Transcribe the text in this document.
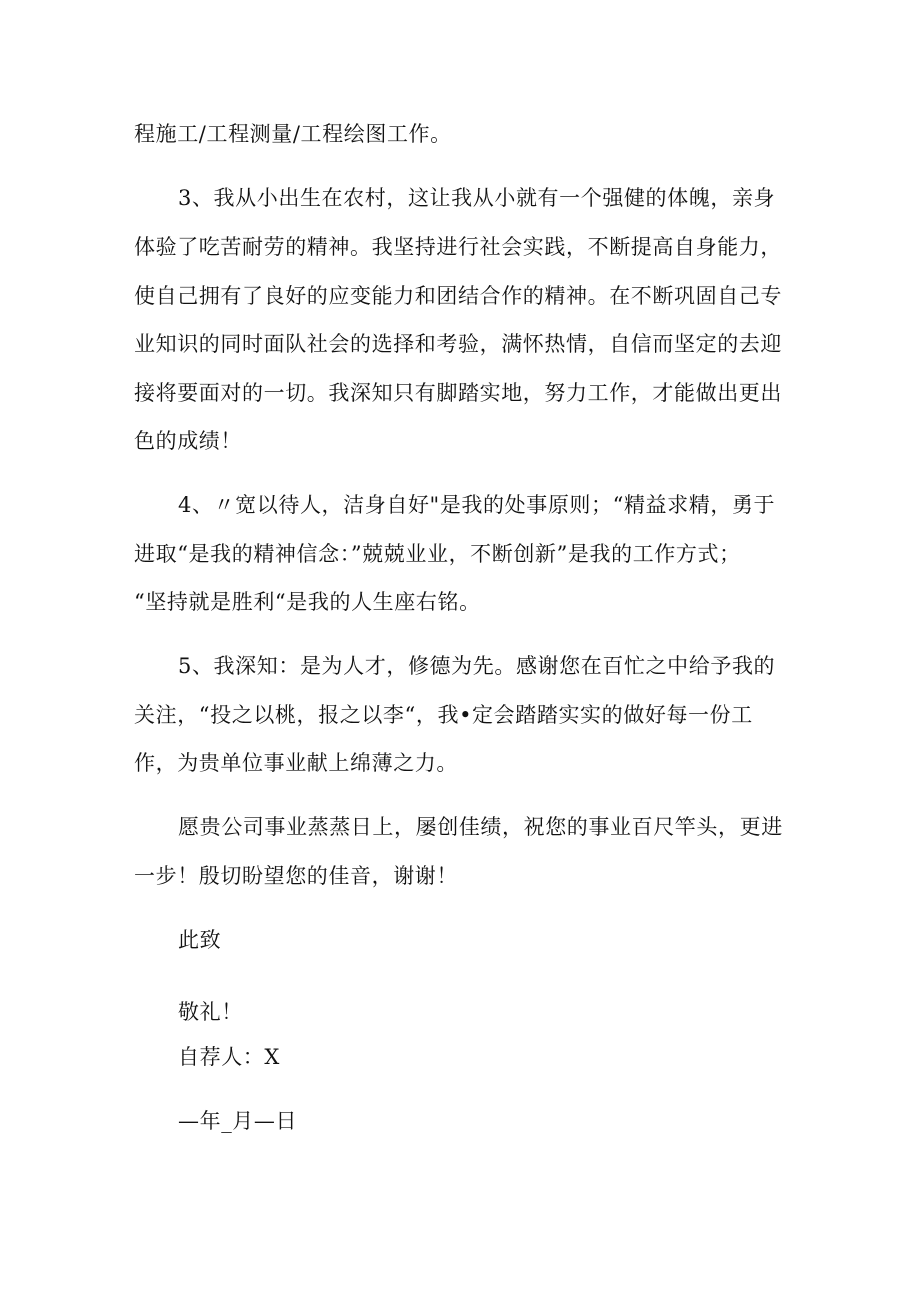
程施工/工程测量/工程绘图工作。
3、我从小出生在农村，这让我从小就有一个强健的体魄，亲身
体验了吃苦耐劳的精神。我坚持进行社会实践，不断提高自身能力，
使自己拥有了良好的应变能力和团结合作的精神。在不断巩固自己专
业知识的同时面队社会的选择和考验，满怀热情，自信而坚定的去迎
接将要面对的一切。我深知只有脚踏实地，努力工作，才能做出更出
色的成绩！
4、〃宽以待人，洁身自好"是我的处事原则；“精益求精，勇于
进取“是我的精神信念：”兢兢业业，不断创新”是我的工作方式；
“坚持就是胜利“是我的人生座右铭。
5、我深知：是为人才，修德为先。感谢您在百忙之中给予我的
关注，“投之以桃，报之以李“，我•定会踏踏实实的做好每一份工
作，为贵单位事业献上绵薄之力。
愿贵公司事业蒸蒸日上，屡创佳绩，祝您的事业百尺竿头，更进
一步！殷切盼望您的佳音，谢谢！
此致
敬礼！
自荐人：X
—年_月—日
